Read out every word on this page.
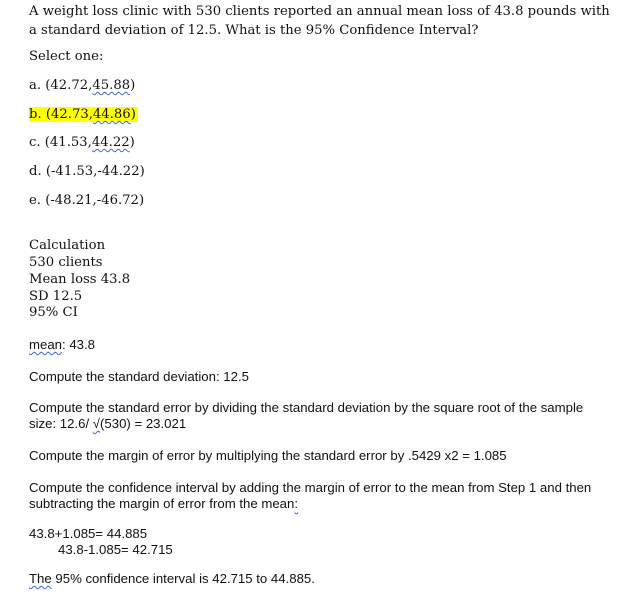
A weight loss clinic with 530 clients reported an annual mean loss of 43.8 pounds with a standard deviation of 12.5. What is the 95% Confidence Interval?
Select one:
a. (42.72,45.88)
b. (42.73,44.86)
c. (41.53,44.22)
d. (-41.53,-44.22)
e. (-48.21,-46.72)
Calculation
530 clients
Mean loss 43.8
SD 12.5
95% CI
mean: 43.8
Compute the standard deviation: 12.5
Compute the standard error by dividing the standard deviation by the square root of the sample size: 12.6/ √(530) = 23.021
Compute the margin of error by multiplying the standard error by .5429 x2 = 1.085
Compute the confidence interval by adding the margin of error to the mean from Step 1 and then subtracting the margin of error from the mean:
43.8+1.085= 44.885
43.8-1.085= 42.715
The 95% confidence interval is 42.715 to 44.885.
